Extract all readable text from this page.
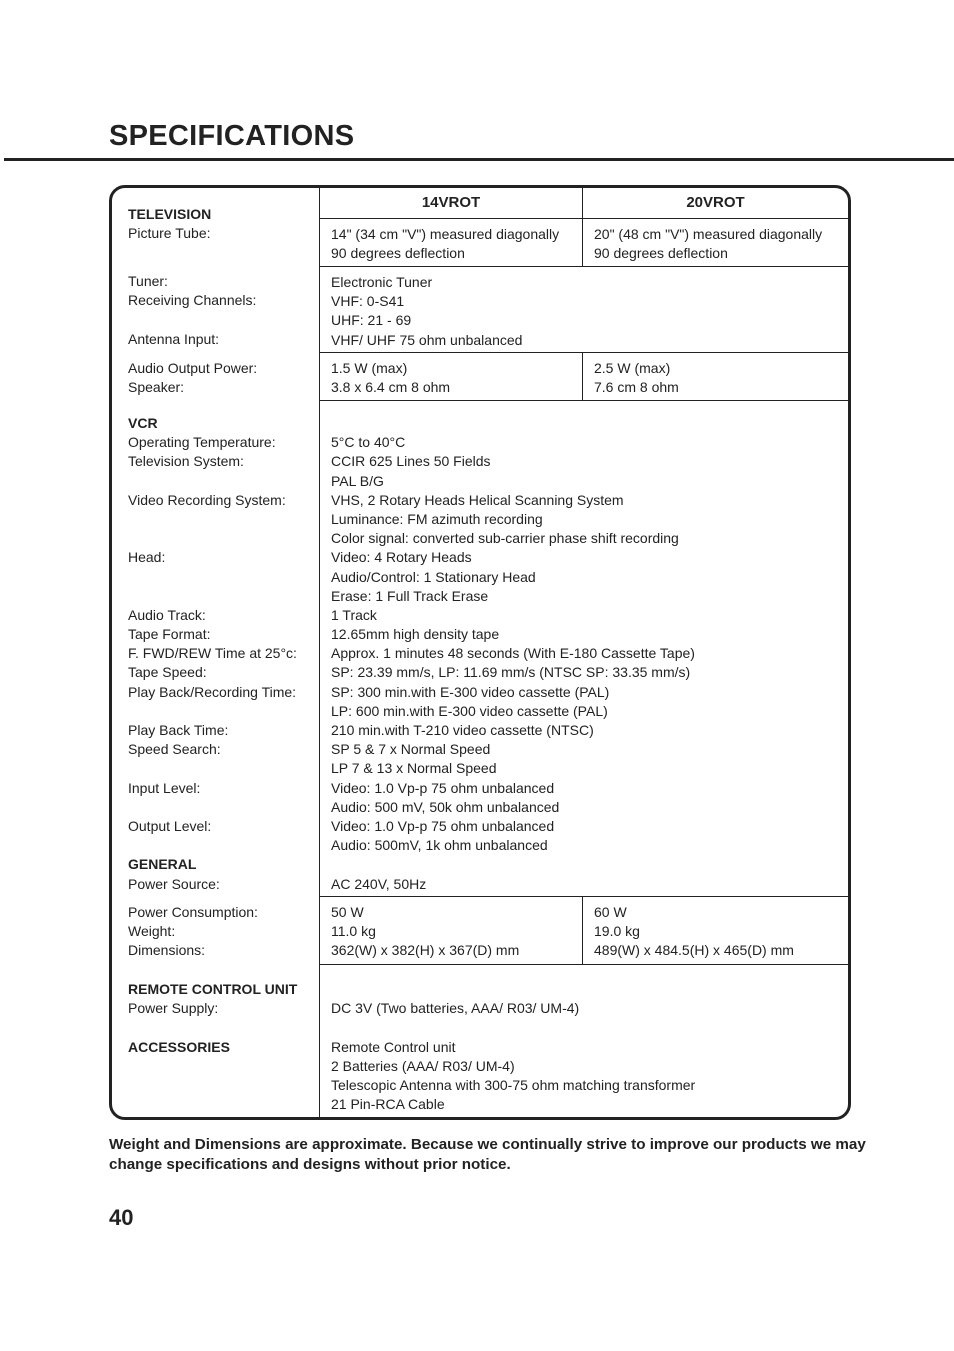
SPECIFICATIONS
14VROT	20VROT
TELEVISION
Picture Tube:	14" (34 cm "V") measured diagonally
90 degrees deflection
20" (48 cm "V") measured diagonally
90 degrees deflection
Tuner:
Receiving Channels:
Antenna Input:
Electronic Tuner
VHF: 0-S41
UHF: 21 - 69
VHF/ UHF 75 ohm unbalanced
Audio Output Power:
Speaker:
1.5 W (max)
3.8 x 6.4 cm 8 ohm
2.5 W (max)
7.6 cm 8 ohm
VCR
Operating Temperature:
Television System:
Video Recording System:
Head:
Audio Track:
Tape Format:
F. FWD/REW Time at 25°c:
Tape Speed:
Play Back/Recording Time:
Play Back Time:
Speed Search:
Input Level:
Output Level:
GENERAL
Power Source:
5°C to 40°C
CCIR 625 Lines 50 Fields
PAL B/G
VHS, 2 Rotary Heads Helical Scanning System
Luminance: FM azimuth recording
Color signal: converted sub-carrier phase shift recording
Video: 4 Rotary Heads
Audio/Control: 1 Stationary Head
Erase: 1 Full Track Erase
1 Track
12.65mm high density tape
Approx. 1 minutes 48 seconds (With E-180 Cassette Tape)
SP: 23.39 mm/s, LP: 11.69 mm/s (NTSC SP: 33.35 mm/s)
SP: 300 min.with E-300 video cassette (PAL)
LP: 600 min.with E-300 video cassette (PAL)
210 min.with T-210 video cassette (NTSC)
SP 5 & 7 x Normal Speed
LP 7 & 13 x Normal Speed
Video: 1.0 Vp-p 75 ohm unbalanced
Audio: 500 mV, 50k ohm unbalanced
Video: 1.0 Vp-p 75 ohm unbalanced
Audio: 500mV, 1k ohm unbalanced
AC 240V, 50Hz
Power Consumption:
Weight:
Dimensions:
50 W
11.0 kg
362(W) x 382(H) x 367(D) mm
60 W
19.0 kg
489(W) x 484.5(H) x 465(D) mm
REMOTE CONTROL UNIT
Power Supply:
ACCESSORIES
DC 3V (Two batteries, AAA/ R03/ UM-4)
Remote Control unit
2 Batteries (AAA/ R03/ UM-4)
Telescopic Antenna with 300-75 ohm matching transformer
21 Pin-RCA Cable
Weight and Dimensions are approximate. Because we continually strive to improve our products we may change specifications and designs without prior notice.
40
